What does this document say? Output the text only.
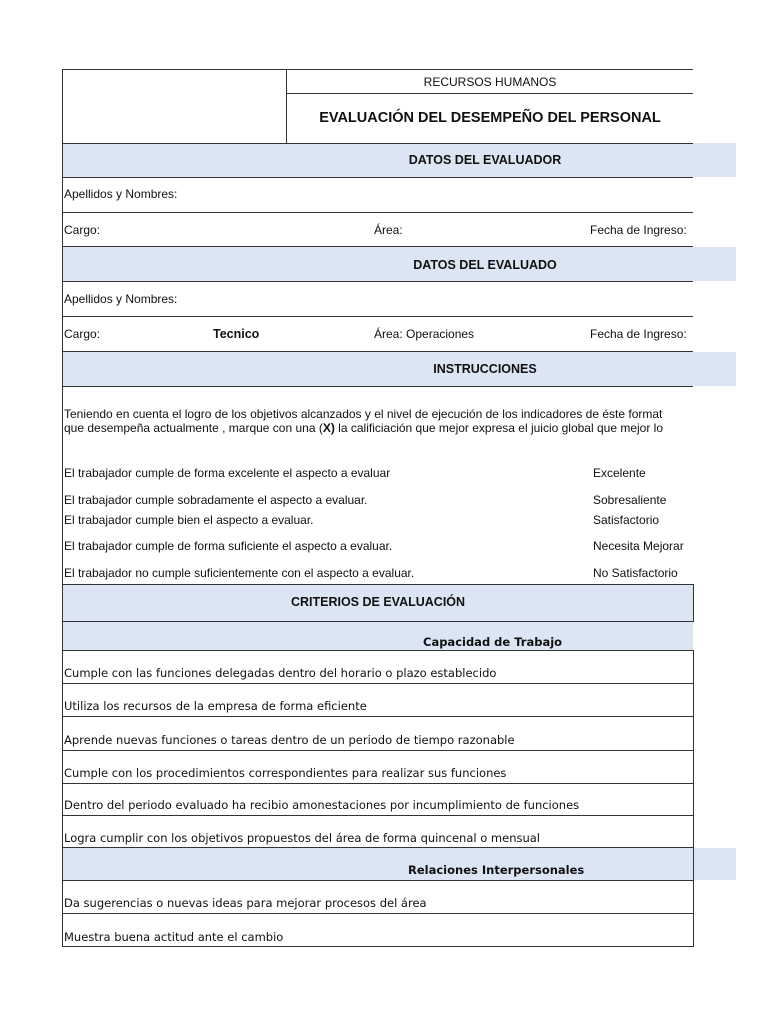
RECURSOS HUMANOS
EVALUACIÓN DEL DESEMPEÑO DEL PERSONAL
DATOS DEL EVALUADOR
Apellidos y Nombres:
Cargo:	Área:	Fecha de Ingreso:
DATOS DEL EVALUADO
Apellidos y Nombres:
Cargo:	Tecnico	Área: Operaciones	Fecha de Ingreso:
INSTRUCCIONES
Teniendo en cuenta el logro de los objetivos alcanzados y el nivel de ejecución de los indicadores de éste format
que desempeña actualmente , marque con una (X) la calificiación que mejor expresa el juicio global que mejor lo
El trabajador cumple de forma excelente el aspecto a evaluar	Excelente
El trabajador cumple sobradamente el aspecto a evaluar.	Sobresaliente
El trabajador cumple bien el aspecto a evaluar.	Satisfactorio
El trabajador cumple de forma suficiente el aspecto a evaluar.	Necesita Mejorar
El trabajador no cumple suficientemente con el aspecto a evaluar.	No Satisfactorio
CRITERIOS DE EVALUACIÓN
Capacidad de Trabajo
Cumple con las funciones delegadas dentro del horario o plazo establecido
Utiliza los recursos de la empresa de forma eficiente
Aprende nuevas funciones o tareas dentro de un periodo de tiempo razonable
Cumple con los procedimientos correspondientes para realizar sus funciones
Dentro del periodo evaluado ha recibio amonestaciones por incumplimiento de funciones
Logra cumplir con los objetivos propuestos del área de forma quincenal o mensual
Relaciones Interpersonales
Da sugerencias o nuevas ideas para mejorar procesos del área
Muestra buena actitud ante el cambio
